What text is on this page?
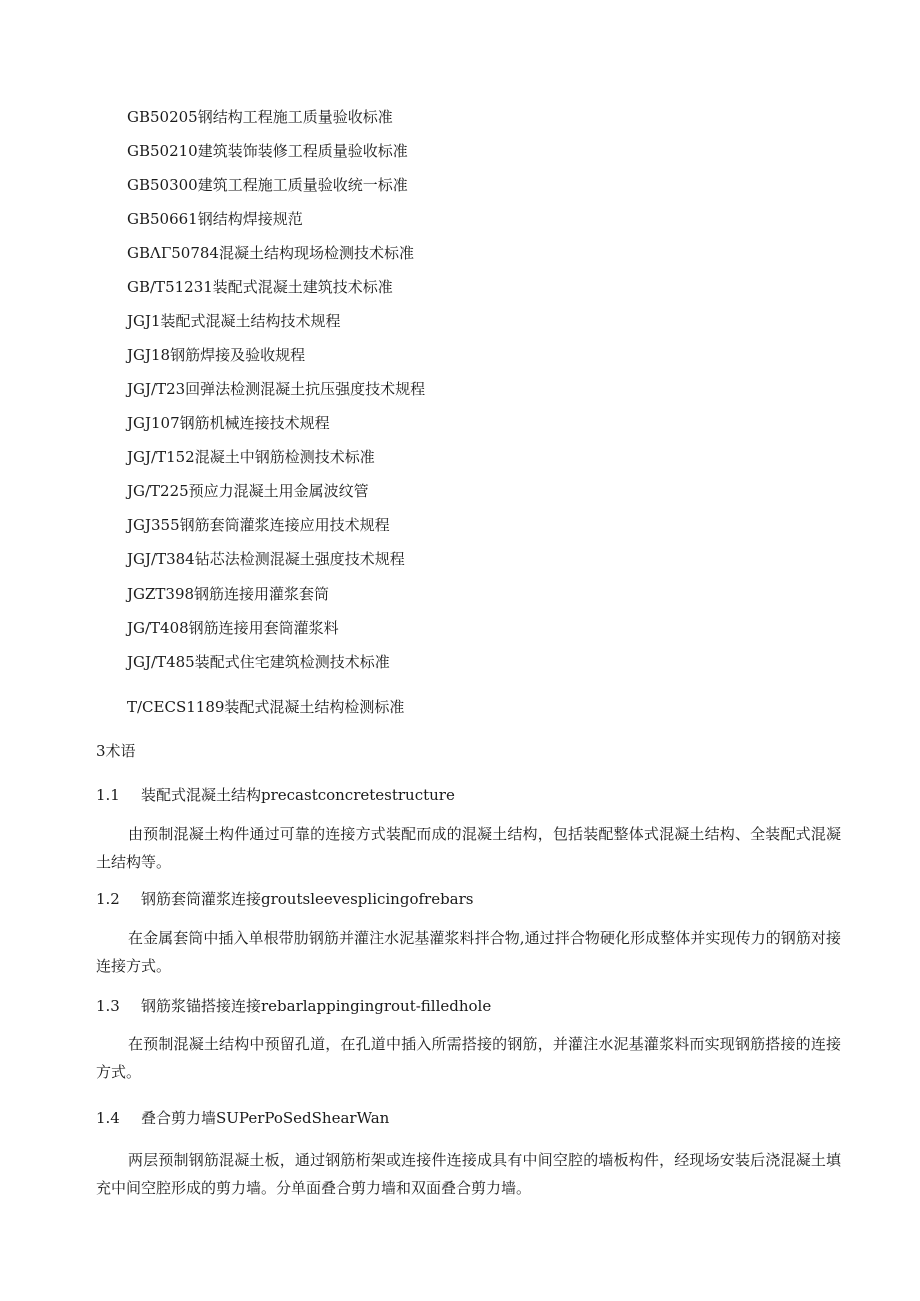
GB50205钢结构工程施工质量验收标准
GB50210建筑装饰装修工程质量验收标准
GB50300建筑工程施工质量验收统一标准
GB50661钢结构焊接规范
GBΛΓ50784混凝土结构现场检测技术标准
GB/T51231装配式混凝土建筑技术标准
JGJ1装配式混凝土结构技术规程
JGJ18钢筋焊接及验收规程
JGJ/T23回弹法检测混凝土抗压强度技术规程
JGJ107钢筋机械连接技术规程
JGJ/T152混凝土中钢筋检测技术标准
JG/T225预应力混凝土用金属波纹管
JGJ355钢筋套筒灌浆连接应用技术规程
JGJ/T384钻芯法检测混凝土强度技术规程
JGZT398钢筋连接用灌浆套筒
JG/T408钢筋连接用套筒灌浆料
JGJ/T485装配式住宅建筑检测技术标准
T/CECS1189装配式混凝土结构检测标准
3术语
1.1 装配式混凝土结构precastconcretestructure
由预制混凝土构件通过可靠的连接方式装配而成的混凝土结构，包括装配整体式混凝土结构、全装配式混凝土结构等。
1.2 钢筋套筒灌浆连接groutsleevesplicingofrebars
在金属套筒中插入单根带肋钢筋并灌注水泥基灌浆料拌合物,通过拌合物硬化形成整体并实现传力的钢筋对接连接方式。
1.3 钢筋浆锚搭接连接rebarlappingingrout-filledhole
在预制混凝土结构中预留孔道，在孔道中插入所需搭接的钢筋，并灌注水泥基灌浆料而实现钢筋搭接的连接方式。
1.4 叠合剪力墙SUPerPoSedShearWan
两层预制钢筋混凝土板，通过钢筋桁架或连接件连接成具有中间空腔的墙板构件，经现场安装后浇混凝土填充中间空腔形成的剪力墙。分单面叠合剪力墙和双面叠合剪力墙。
